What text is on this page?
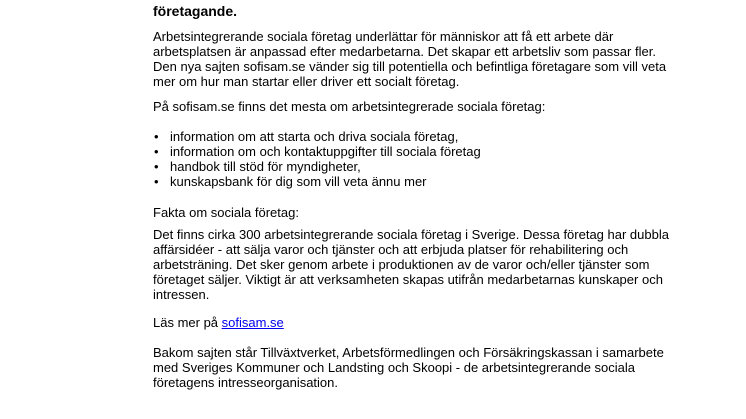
företagande.

Arbetsintegrerande sociala företag underlättar för människor att få ett arbete där
arbetsplatsen är anpassad efter medarbetarna. Det skapar ett arbetsliv som passar fler.
Den nya sajten sofisam.se vänder sig till potentiella och befintliga företagare som vill veta
mer om hur man startar eller driver ett socialt företag.

På sofisam.se finns det mesta om arbetsintegrerade sociala företag:

• information om att starta och driva sociala företag,
• information om och kontaktuppgifter till sociala företag
• handbok till stöd för myndigheter,
• kunskapsbank för dig som vill veta ännu mer

Fakta om sociala företag:

Det finns cirka 300 arbetsintegrerande sociala företag i Sverige. Dessa företag har dubbla
affärsidéer - att sälja varor och tjänster och att erbjuda platser för rehabilitering och
arbetsträning. Det sker genom arbete i produktionen av de varor och/eller tjänster som
företaget säljer. Viktigt är att verksamheten skapas utifrån medarbetarnas kunskaper och
intressen.

Läs mer på sofisam.se

Bakom sajten står Tillväxtverket, Arbetsförmedlingen och Försäkringskassan i samarbete
med Sveriges Kommuner och Landsting och Skoopi - de arbetsintegrerande sociala
företagens intresseorganisation.
